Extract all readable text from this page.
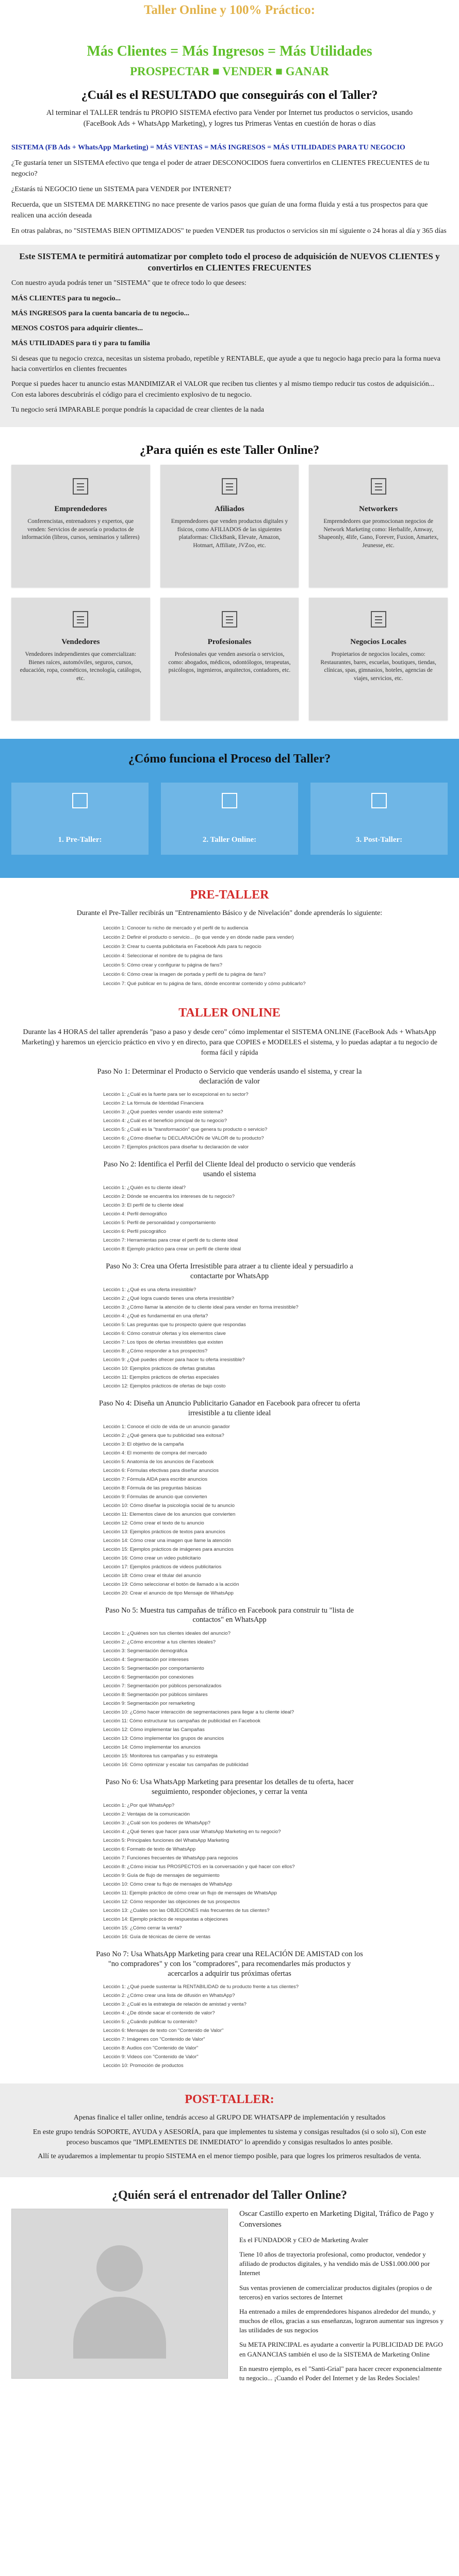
Taller Online y 100% Práctico:
Más Clientes = Más Ingresos = Más Utilidades
PROSPECTAR ■ VENDER ■ GANAR
¿Cuál es el RESULTADO que conseguirás con el Taller?

Al terminar el TALLER tendrás tu PROPIO SISTEMA efectivo para Vender por Internet tus productos o servicios, usando (FaceBook Ads + WhatsApp Marketing), y logres tus Primeras Ventas en cuestión de horas o días

SISTEMA (FB Ads + WhatsApp Marketing) = MÁS VENTAS = MÁS INGRESOS = MÁS UTILIDADES PARA TU NEGOCIO

¿Te gustaría tener un SISTEMA efectivo que tenga el poder de atraer DESCONOCIDOS fuera convertirlos en CLIENTES FRECUENTES de tu negocio?

¿Estarás tú NEGOCIO tiene un SISTEMA para VENDER por INTERNET?

Recuerda, que un SISTEMA DE MARKETING no nace presente de varios pasos que guían de una forma fluida y está a tus prospectos para que realicen una acción deseada

En otras palabras, no "SISTEMAS BIEN OPTIMIZADOS" te pueden VENDER tus productos o servicios sin mí siguiente o 24 horas al día y 365 días

Este SISTEMA te permitirá automatizar por completo todo el proceso de adquisición de NUEVOS CLIENTES y convertirlos en CLIENTES FRECUENTES

Con nuestro ayuda podrás tener un "SISTEMA" que te ofrece todo lo que desees:

MÁS CLIENTES para tu negocio...

MÁS INGRESOS para la cuenta bancaria de tu negocio...

MENOS COSTOS para adquirir clientes...

MÁS UTILIDADES para ti y para tu familia

Si deseas que tu negocio crezca, necesitas un sistema probado, repetible y RENTABLE, que ayude a que tu negocio haga precio para la forma nueva hacia convertirlos en clientes frecuentes

Porque si puedes hacer tu anuncio estas MANDIMIZAR el VALOR que reciben tus clientes y al mismo tiempo reducir tus costos de adquisición... Con esta labores descubrirás el código para el crecimiento explosivo de tu negocio.

Tu negocio será IMPARABLE porque pondrás la capacidad de crear clientes de la nada

¿Para quién es este Taller Online?
Emprendedores

Conferencistas, entrenadores y expertos, que venden: Servicios de asesoría o productos de información (libros, cursos, seminarios y talleres)

Afiliados

Emprendedores que venden productos digitales y físicos, como AFILIADOS de las siguientes plataformas: ClickBank, Elevate, Amazon, Hotmart, Affiliate, JVZoo, etc.

Networkers

Emprendedores que promocionan negocios de Network Marketing como: Herbalife, Amway, Shapeonly, 4life, Gano, Forever, Fuxion, Amartex, Jeunesse, etc.

Vendedores

Vendedores independientes que comercializan: Bienes raíces, automóviles, seguros, cursos, educación, ropa, cosméticos, tecnología, catálogos, etc.

Profesionales

Profesionales que venden asesoría o servicios, como: abogados, médicos, odontólogos, terapeutas, psicólogos, ingenieros, arquitectos, contadores, etc.

Negocios Locales

Propietarios de negocios locales, como: Restaurantes, bares, escuelas, boutiques, tiendas, clínicas, spas, gimnasios, hoteles, agencias de viajes, servicios, etc.

¿Cómo funciona el Proceso del Taller?
1. Pre-Taller:	2. Taller Online:	3. Post-Taller:
PRE-TALLER

Durante el Pre-Taller recibirás un "Entrenamiento Básico y de Nivelación" donde aprenderás lo siguiente:

Lección 1: Conocer tu nicho de mercado y el perfil de tu audiencia
Lección 2: Definir el producto o servicio... (lo que vende y en dónde nadie para vender)
Lección 3: Crear tu cuenta publicitaria en Facebook Ads para tu negocio
Lección 4: Seleccionar el nombre de tu página de fans
Lección 5: Cómo crear y configurar tu página de fans?
Lección 6: Cómo crear la imagen de portada y perfil de tu página de fans?
Lección 7: Qué publicar en tu página de fans, dónde encontrar contenido y cómo publicarlo?
TALLER ONLINE

Durante las 4 HORAS del taller aprenderás "paso a paso y desde cero" cómo implementar el SISTEMA ONLINE (FaceBook Ads + WhatsApp Marketing) y haremos un ejercicio práctico en vivo y en directo, para que COPIES e MODELES el sistema, y lo puedas adaptar a tu negocio de forma fácil y rápida

Paso No 1: Determinar el Producto o Servicio que venderás usando el sistema, y crear la declaración de valor
Lección 1: ¿Cuál es la fuerte para ser lo excepcional en tu sector?
Lección 2: La fórmula de Identidad Financiera
Lección 3: ¿Qué puedes vender usando este sistema?
Lección 4: ¿Cuál es el beneficio principal de tu negocio?
Lección 5: ¿Cuál es la "transformación" que genera tu producto o servicio?
Lección 6: ¿Cómo diseñar tu DECLARACIÓN de VALOR de tu producto?
Lección 7: Ejemplos prácticos para diseñar tu declaración de valor
Paso No 2: Identifica el Perfil del Cliente Ideal del producto o servicio que venderás usando el sistema
Lección 1: ¿Quién es tu cliente ideal?
Lección 2: Dónde se encuentra los intereses de tu negocio?
Lección 3: El perfil de tu cliente ideal
Lección 4: Perfil demográfico
Lección 5: Perfil de personalidad y comportamiento
Lección 6: Perfil psicográfico
Lección 7: Herramientas para crear el perfil de tu cliente ideal
Lección 8: Ejemplo práctico para crear un perfil de cliente ideal
Paso No 3: Crea una Oferta Irresistible para atraer a tu cliente ideal y persuadirlo a contactarte por WhatsApp
Lección 1: ¿Qué es una oferta irresistible?
Lección 2: ¿Qué logra cuando tienes una oferta irresistible?
Lección 3: ¿Cómo llamar la atención de tu cliente ideal para vender en forma irresistible?
Lección 4: ¿Qué es fundamental en una oferta?
Lección 5: Las preguntas que tu prospecto quiere que respondas
Lección 6: Cómo construir ofertas y los elementos clave
Lección 7: Los tipos de ofertas irresistibles que existen
Lección 8: ¿Cómo responder a tus prospectos?
Lección 9: ¿Qué puedes ofrecer para hacer tu oferta irresistible?
Lección 10: Ejemplos prácticos de ofertas gratuitas
Lección 11: Ejemplos prácticos de ofertas especiales
Lección 12: Ejemplos prácticos de ofertas de bajo costo
Paso No 4: Diseña un Anuncio Publicitario Ganador en Facebook para ofrecer tu oferta irresistible a tu cliente ideal
Lección 1: Conoce el ciclo de vida de un anuncio ganador
Lección 2: ¿Qué genera que tu publicidad sea exitosa?
Lección 3: El objetivo de la campaña
Lección 4: El momento de compra del mercado
Lección 5: Anatomía de los anuncios de Facebook
Lección 6: Fórmulas efectivas para diseñar anuncios
Lección 7: Fórmula AIDA para escribir anuncios
Lección 8: Fórmula de las preguntas básicas
Lección 9: Fórmulas de anuncio que convierten
Lección 10: Cómo diseñar la psicología social de tu anuncio
Lección 11: Elementos clave de los anuncios que convierten
Lección 12: Cómo crear el texto de tu anuncio
Lección 13: Ejemplos prácticos de textos para anuncios
Lección 14: Cómo crear una imagen que llame la atención
Lección 15: Ejemplos prácticos de imágenes para anuncios
Lección 16: Cómo crear un video publicitario
Lección 17: Ejemplos prácticos de videos publicitarios
Lección 18: Cómo crear el titular del anuncio
Lección 19: Cómo seleccionar el botón de llamado a la acción
Lección 20: Crear el anuncio de tipo Mensaje de WhatsApp
Paso No 5: Muestra tus campañas de tráfico en Facebook para construir tu "lista de contactos" en WhatsApp
Lección 1: ¿Quiénes son tus clientes ideales del anuncio?
Lección 2: ¿Cómo encontrar a tus clientes ideales?
Lección 3: Segmentación demográfica
Lección 4: Segmentación por intereses
Lección 5: Segmentación por comportamiento
Lección 6: Segmentación por conexiones
Lección 7: Segmentación por públicos personalizados
Lección 8: Segmentación por públicos similares
Lección 9: Segmentación por remarketing
Lección 10: ¿Cómo hacer interacción de segmentaciones para llegar a tu cliente ideal?
Lección 11: Cómo estructurar tus campañas de publicidad en Facebook
Lección 12: Cómo implementar las Campañas
Lección 13: Cómo implementar los grupos de anuncios
Lección 14: Cómo implementar los anuncios
Lección 15: Monitorea tus campañas y su estrategia
Lección 16: Cómo optimizar y escalar tus campañas de publicidad
Paso No 6: Usa WhatsApp Marketing para presentar los detalles de tu oferta, hacer seguimiento, responder objeciones, y cerrar la venta
Lección 1: ¿Por qué WhatsApp?
Lección 2: Ventajas de la comunicación
Lección 3: ¿Cuál son los poderes de WhatsApp?
Lección 4: ¿Qué tienes que hacer para usar WhatsApp Marketing en tu negocio?
Lección 5: Principales funciones del WhatsApp Marketing
Lección 6: Formato de texto de WhatsApp
Lección 7: Funciones frecuentes de WhatsApp para negocios
Lección 8: ¿Cómo iniciar tus PROSPECTOS en la conversación y qué hacer con ellos?
Lección 9: Guía de flujo de mensajes de seguimiento
Lección 10: Cómo crear tu flujo de mensajes de WhatsApp
Lección 11: Ejemplo práctico de cómo crear un flujo de mensajes de WhatsApp
Lección 12: Cómo responder las objeciones de tus prospectos
Lección 13: ¿Cuáles son las OBJECIONES más frecuentes de tus clientes?
Lección 14: Ejemplo práctico de respuestas a objeciones
Lección 15: ¿Cómo cerrar la venta?
Lección 16: Guía de técnicas de cierre de ventas
Paso No 7: Usa WhatsApp Marketing para crear una RELACIÓN DE AMISTAD con los "no compradores" y con los "compradores", para recomendarles más productos y acercarlos a adquirir tus próximas ofertas
Lección 1: ¿Qué puede sustentar la RENTABILIDAD de tu producto frente a tus clientes?
Lección 2: ¿Cómo crear una lista de difusión en WhatsApp?
Lección 3: ¿Cuál es la estrategia de relación de amistad y venta?
Lección 4: ¿De dónde sacar el contenido de valor?
Lección 5: ¿Cuándo publicar tu contenido?
Lección 6: Mensajes de texto con "Contenido de Valor"
Lección 7: Imágenes con "Contenido de Valor"
Lección 8: Audios con "Contenido de Valor"
Lección 9: Videos con "Contenido de Valor"
Lección 10: Promoción de productos
POST-TALLER:

Apenas finalice el taller online, tendrás acceso al GRUPO DE WHATSAPP de implementación y resultados

En este grupo tendrás SOPORTE, AYUDA y ASESORÍA, para que implementes tu sistema y consigas resultados (si o solo si), Con este proceso buscamos que "IMPLEMENTES DE INMEDIATO" lo aprendido y consigas resultados lo antes posible.

Allí te ayudaremos a implementar tu propio SISTEMA en el menor tiempo posible, para que logres los primeros resultados de venta.

¿Quién será el entrenador del Taller Online?

Oscar Castillo experto en Marketing Digital, Tráfico de Pago y Conversiones

Es el FUNDADOR y CEO de Marketing Avaler

Tiene 10 años de trayectoria profesional, como productor, vendedor y afiliado de productos digitales, y ha vendido más de US$1.000.000 por Internet

Sus ventas provienen de comercializar productos digitales (propios o de terceros) en varios sectores de Internet

Ha entrenado a miles de emprendedores hispanos alrededor del mundo, y muchos de ellos, gracias a sus enseñanzas, lograron aumentar sus ingresos y las utilidades de sus negocios

Su META PRINCIPAL es ayudarte a convertir la PUBLICIDAD DE PAGO en GANANCIAS también el uso de la SISTEMA de Marketing Online

En nuestro ejemplo, es el "Santi-Grial" para hacer crecer exponencialmente tu negocio... ¡Cuando el Poder del Internet y de las Redes Sociales!
